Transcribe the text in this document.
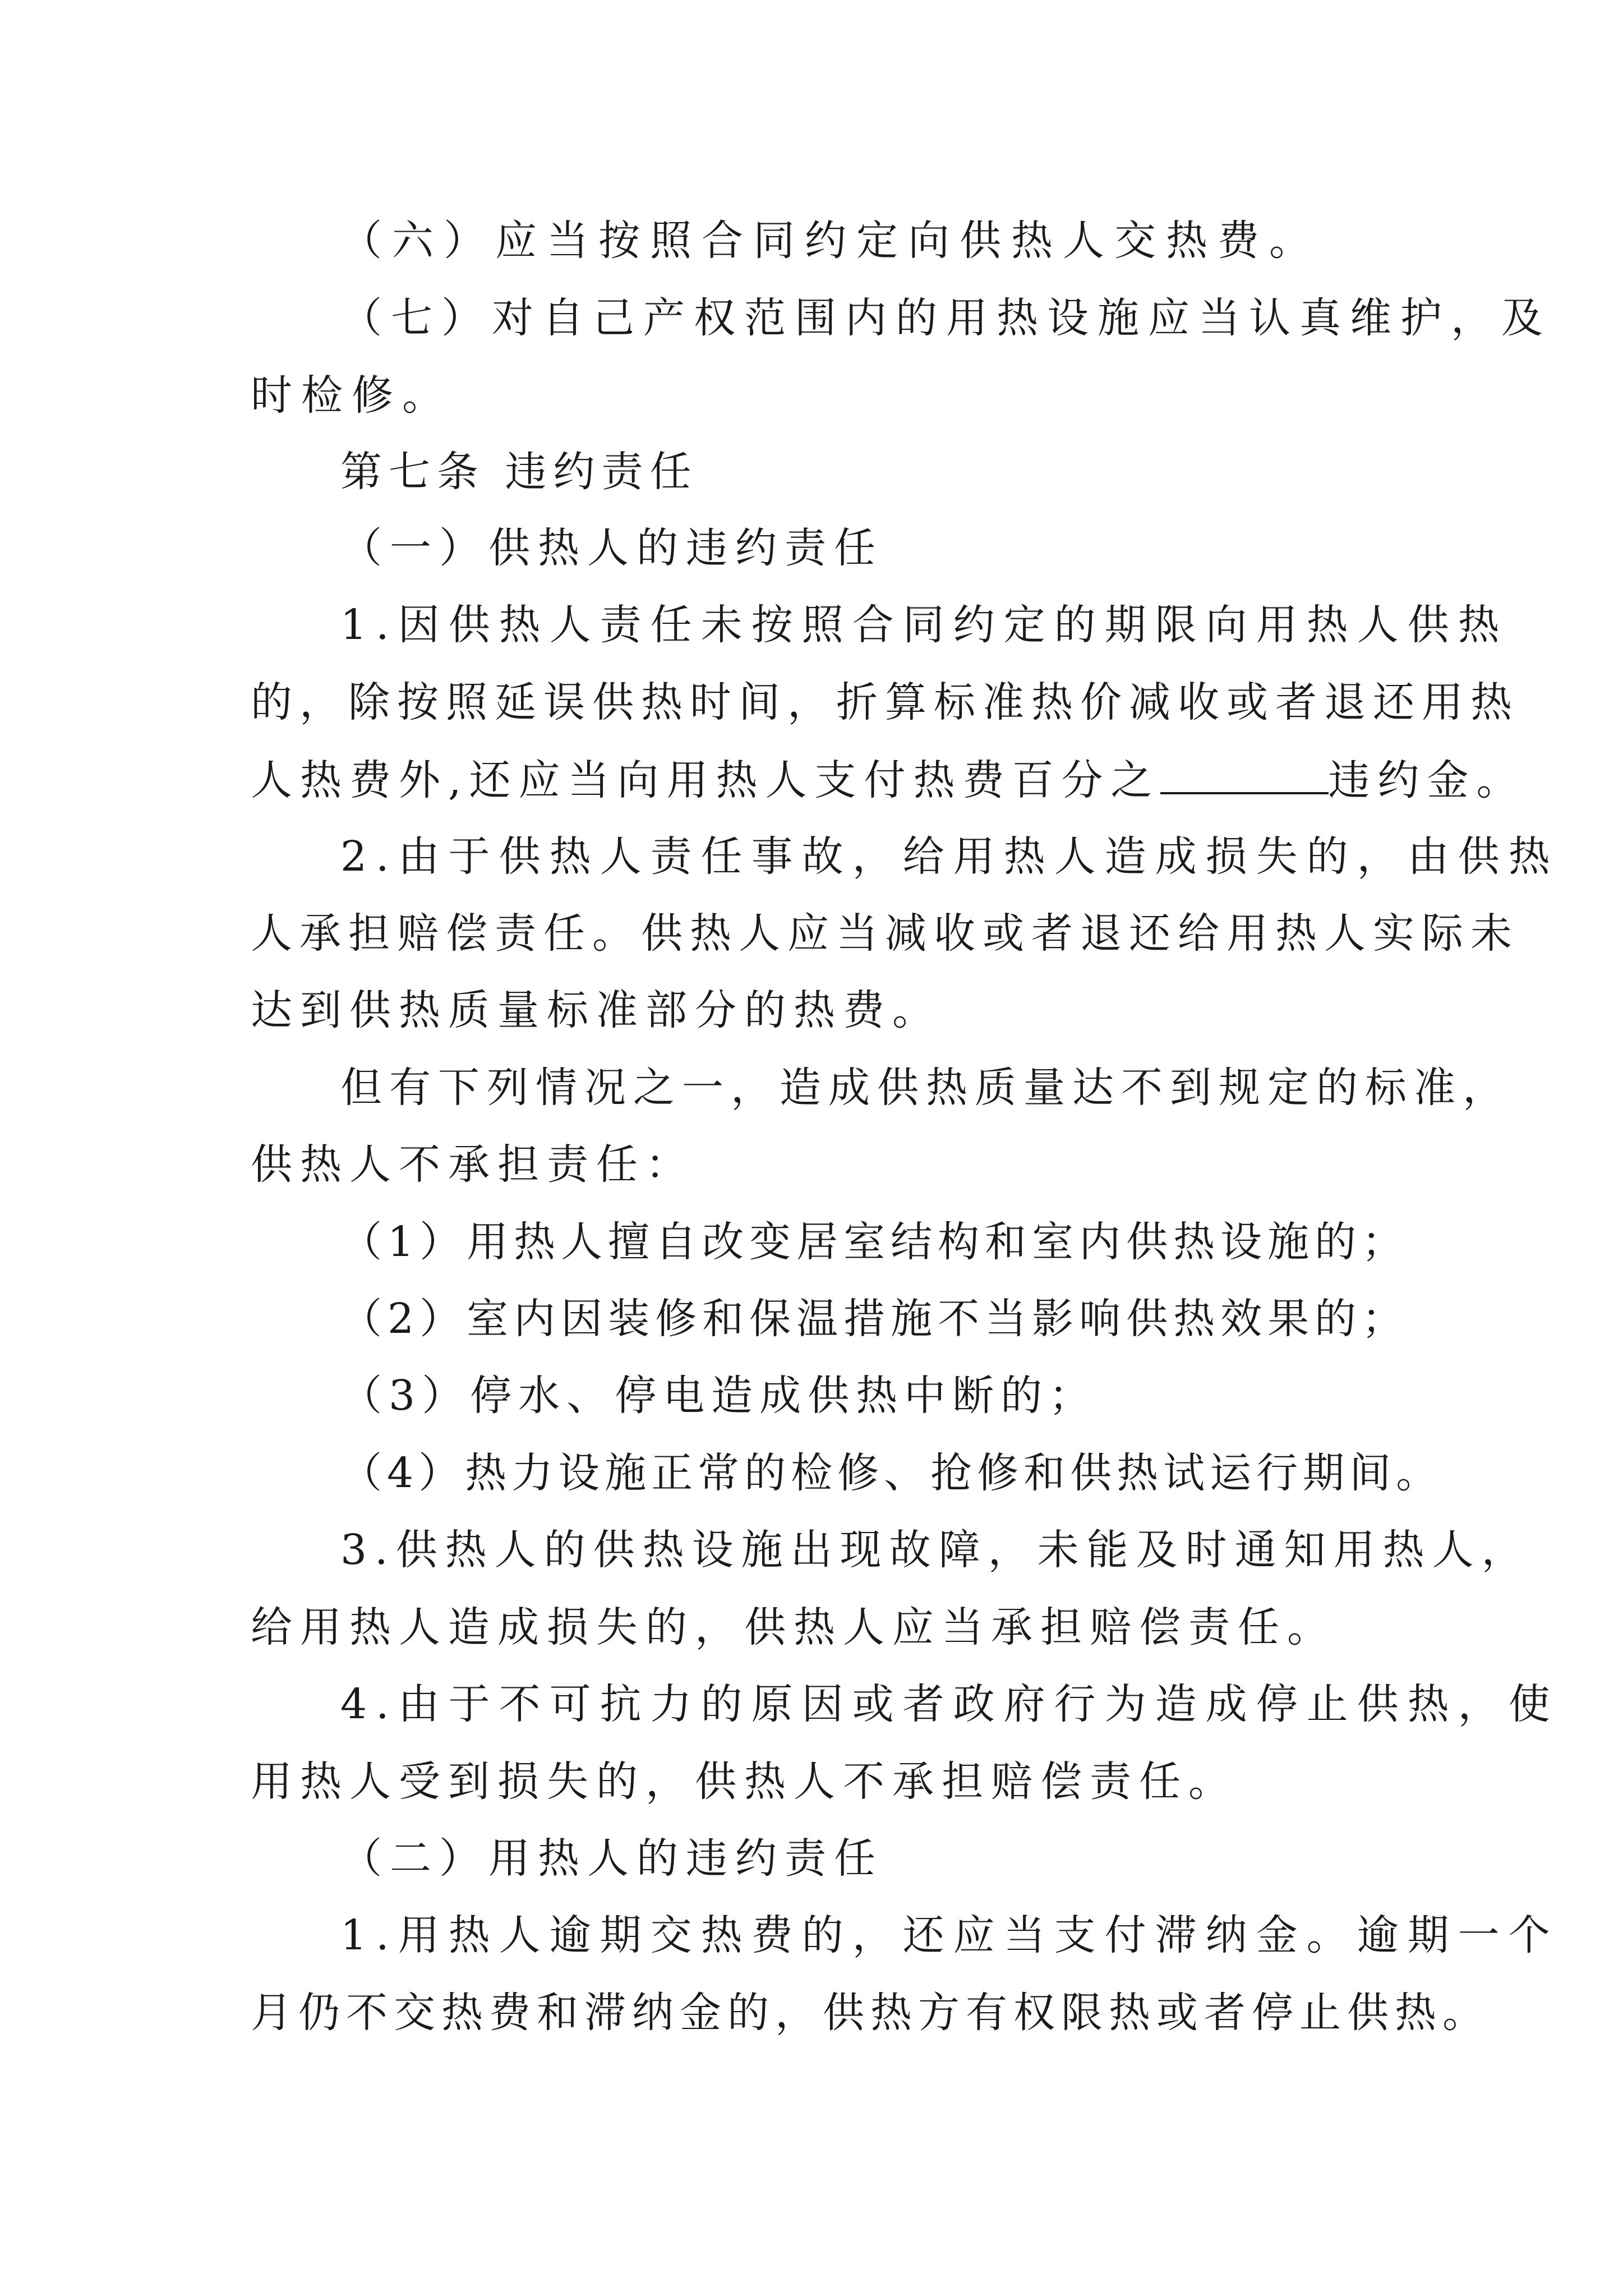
（六）应当按照合同约定向供热人交热费。
（七）对自己产权范围内的用热设施应当认真维护，及
时检修。
第七条 违约责任
（一）供热人的违约责任
1.因供热人责任未按照合同约定的期限向用热人供热
的，除按照延误供热时间，折算标准热价减收或者退还用热
人热费外,还应当向用热人支付热费百分之	违约金。
2.由于供热人责任事故，给用热人造成损失的，由供热
人承担赔偿责任。供热人应当减收或者退还给用热人实际未
达到供热质量标准部分的热费。
但有下列情况之一，造成供热质量达不到规定的标准，
供热人不承担责任：
（1）用热人擅自改变居室结构和室内供热设施的；
（2）室内因装修和保温措施不当影响供热效果的；
（3）停水、停电造成供热中断的；
（4）热力设施正常的检修、抢修和供热试运行期间。
3.供热人的供热设施出现故障，未能及时通知用热人，
给用热人造成损失的，供热人应当承担赔偿责任。
4.由于不可抗力的原因或者政府行为造成停止供热，使
用热人受到损失的，供热人不承担赔偿责任。
（二）用热人的违约责任
1.用热人逾期交热费的，还应当支付滞纳金。逾期一个
月仍不交热费和滞纳金的，供热方有权限热或者停止供热。
